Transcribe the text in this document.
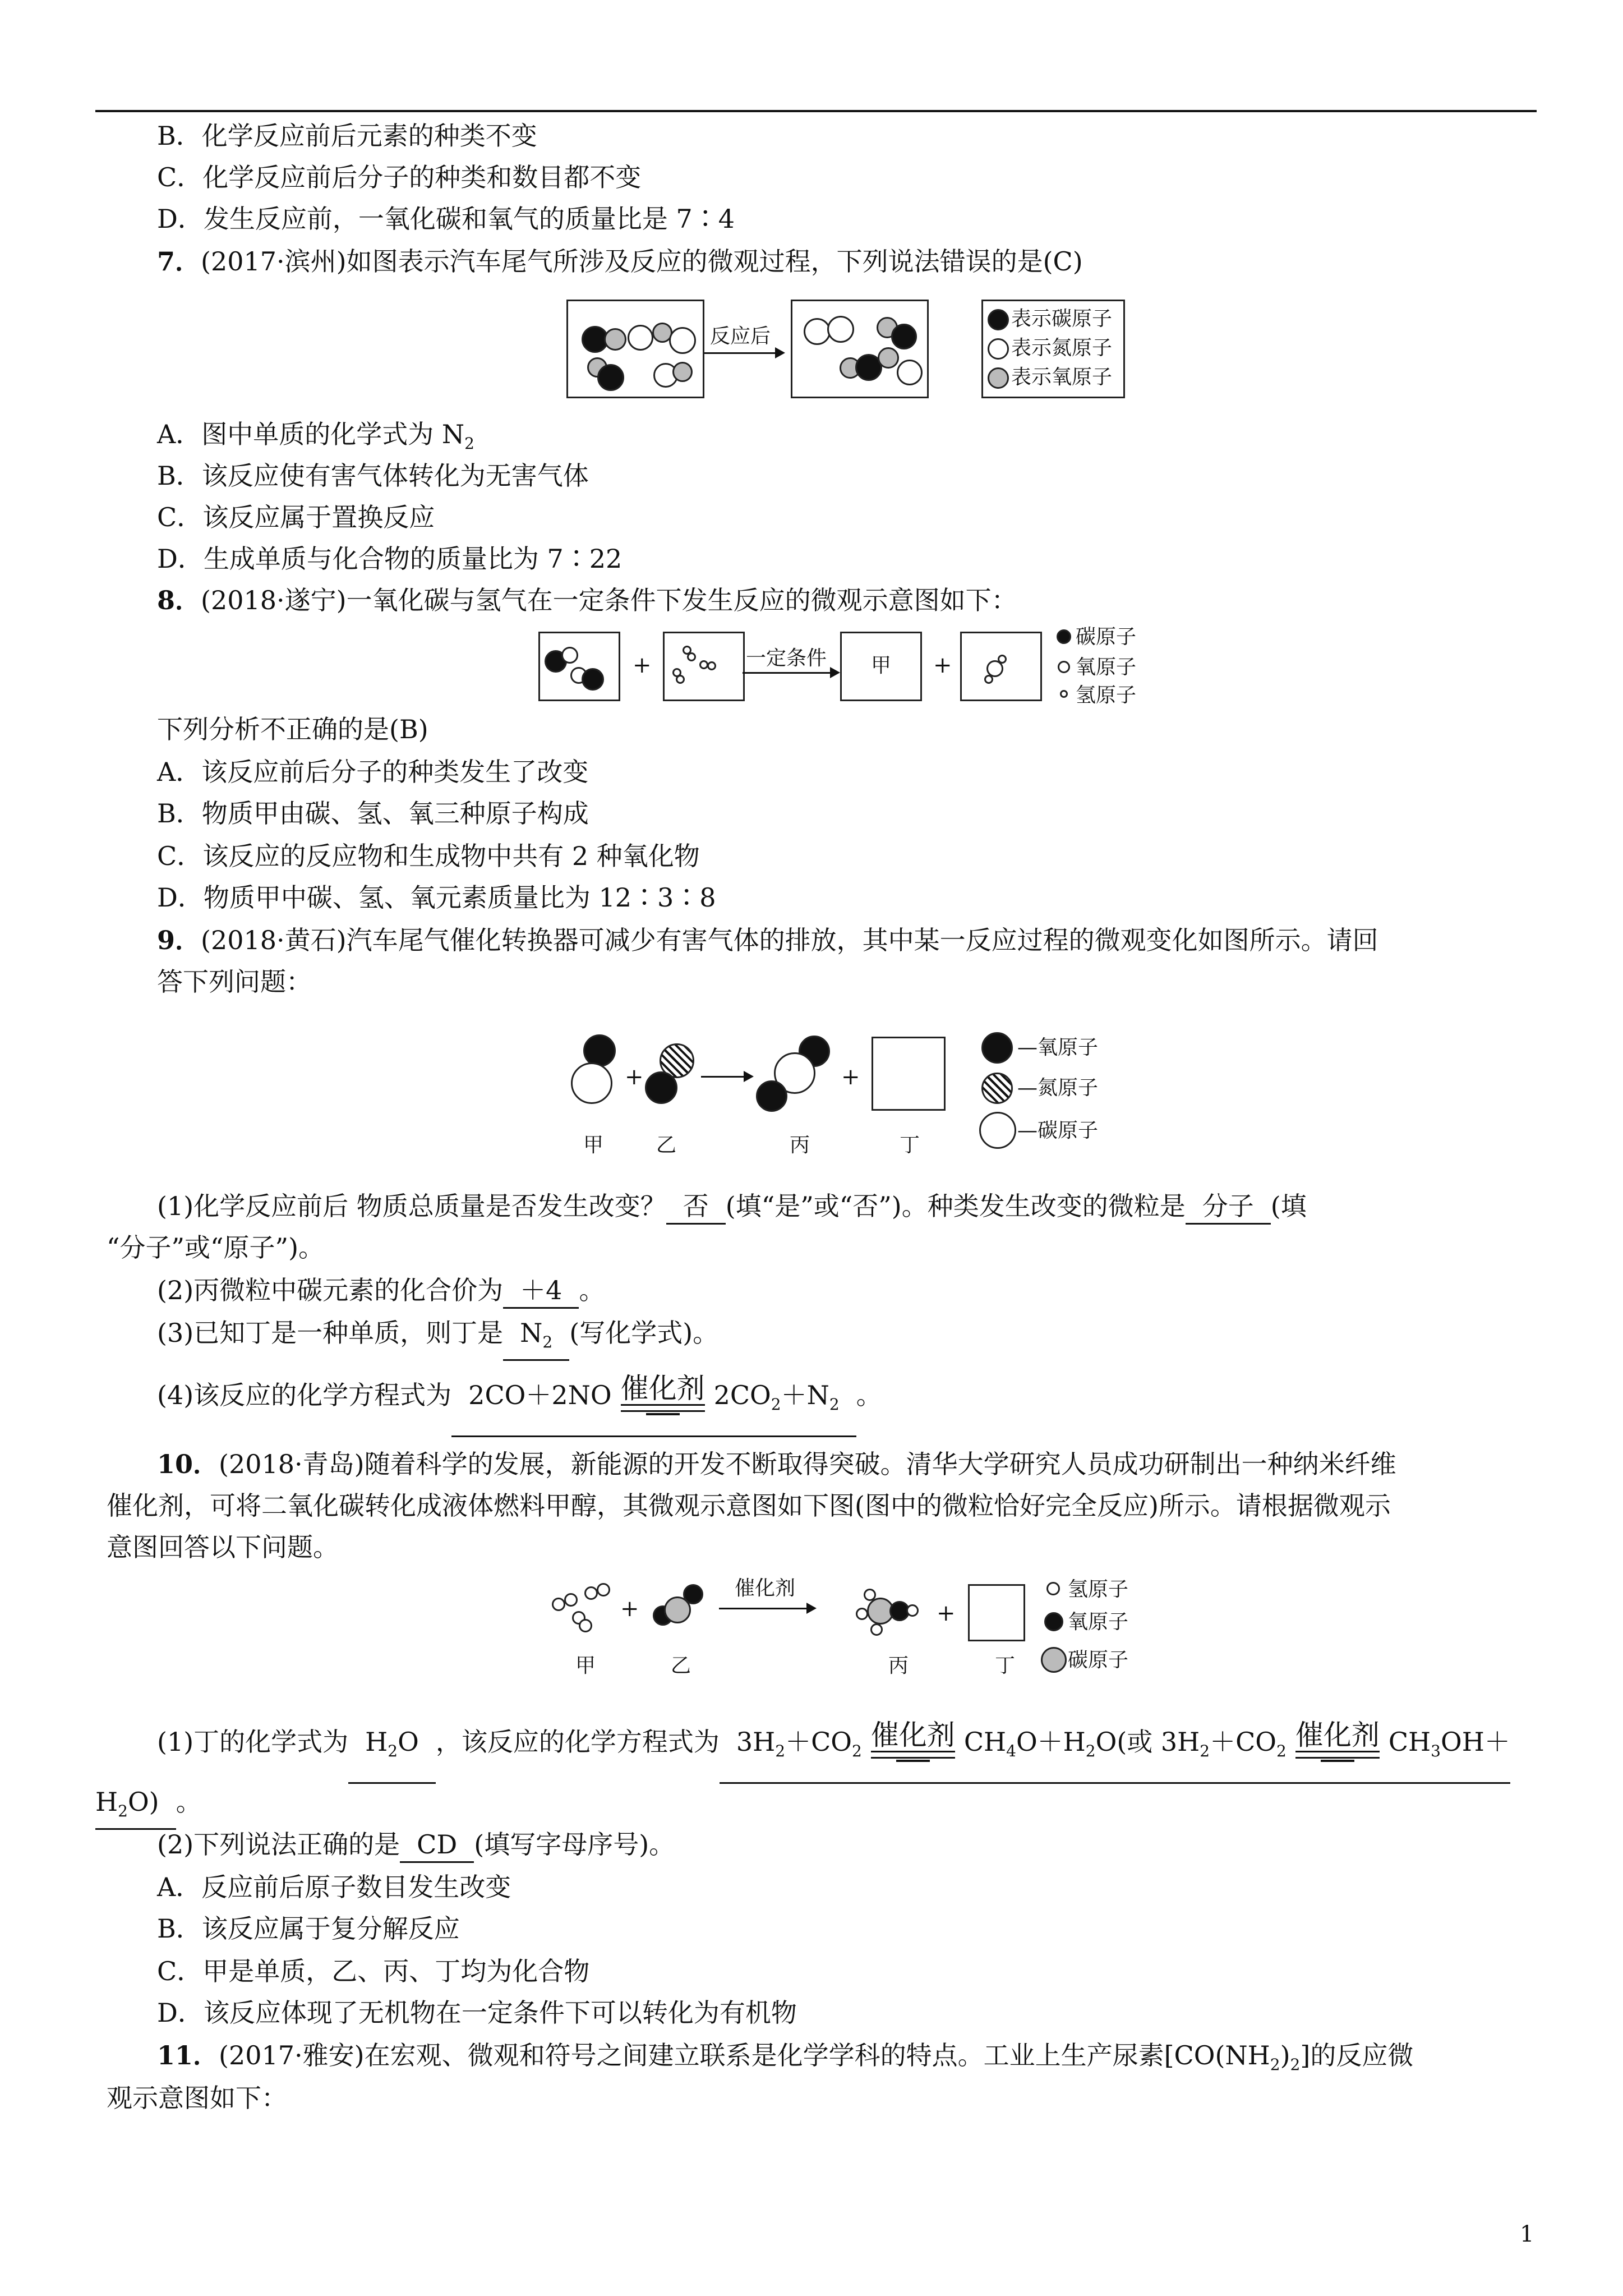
B．化学反应前后元素的种类不变
C．化学反应前后分子的种类和数目都不变
D．发生反应前，一氧化碳和氧气的质量比是 7∶4
7．(2017·滨州)如图表示汽车尾气所涉及反应的微观过程，下列说法错误的是(C)
反应后
表示碳原子
表示氮原子
表示氧原子
A．图中单质的化学式为 $N_2$
B．该反应使有害气体转化为无害气体
C．该反应属于置换反应
D．生成单质与化合物的质量比为 7∶22
8．(2018·遂宁)一氧化碳与氢气在一定条件下发生反应的微观示意图如下：
+	一定条件 甲 +
碳原子
氧原子
氢原子
下列分析不正确的是(B)
A．该反应前后分子的种类发生了改变
B．物质甲由碳、氢、氧三种原子构成
C．该反应的反应物和生成物中共有 2 种氧化物
D．物质甲中碳、氢、氧元素质量比为 12∶3∶8
9．(2018·黄石)汽车尾气催化转换器可减少有害气体的排放，其中某一反应过程的微观变化如图所示。请回
答下列问题：
+	+
甲	乙	丙	丁
—氧原子
—氮原子
—碳原子
(1)化学反应前后 物质总质量是否发生改变？ 否 (填“是”或“否”)。种类发生改变的微粒是 分子 (填
“分子”或“原子”)。
(2)丙微粒中碳元素的化合价为 ＋4 。
(3)已知丁是一种单质，则丁是 $N_2$ (写化学式)。
(4)该反应的化学方程式为 2CO＋2NO 催化剂 $2CO_2+N_2$ 。
10．(2018·青岛)随着科学的发展，新能源的开发不断取得突破。清华大学研究人员成功研制出一种纳米纤维
催化剂，可将二氧化碳转化成液体燃料甲醇，其微观示意图如下图(图中的微粒恰好完全反应)所示。请根据微观示
意图回答以下问题。
+
催化剂
+
甲	乙	丙	丁
氢原子
氧原子
碳原子
(1)丁的化学式为 $H_2O$ ，该反应的化学方程式为 $3H_2+CO_2$ 催化剂 $CH_4O+H_2O$(或 $3H_2+CO_2$ 催化剂 $CH_3OH+$
$H_2O$) 。
(2)下列说法正确的是 CD (填写字母序号)。
A．反应前后原子数目发生改变
B．该反应属于复分解反应
C．甲是单质，乙、丙、丁均为化合物
D．该反应体现了无机物在一定条件下可以转化为有机物
11．(2017·雅安)在宏观、微观和符号之间建立联系是化学学科的特点。工业上生产尿素$[CO(NH_2)_2]$的反应微
观示意图如下：
1
